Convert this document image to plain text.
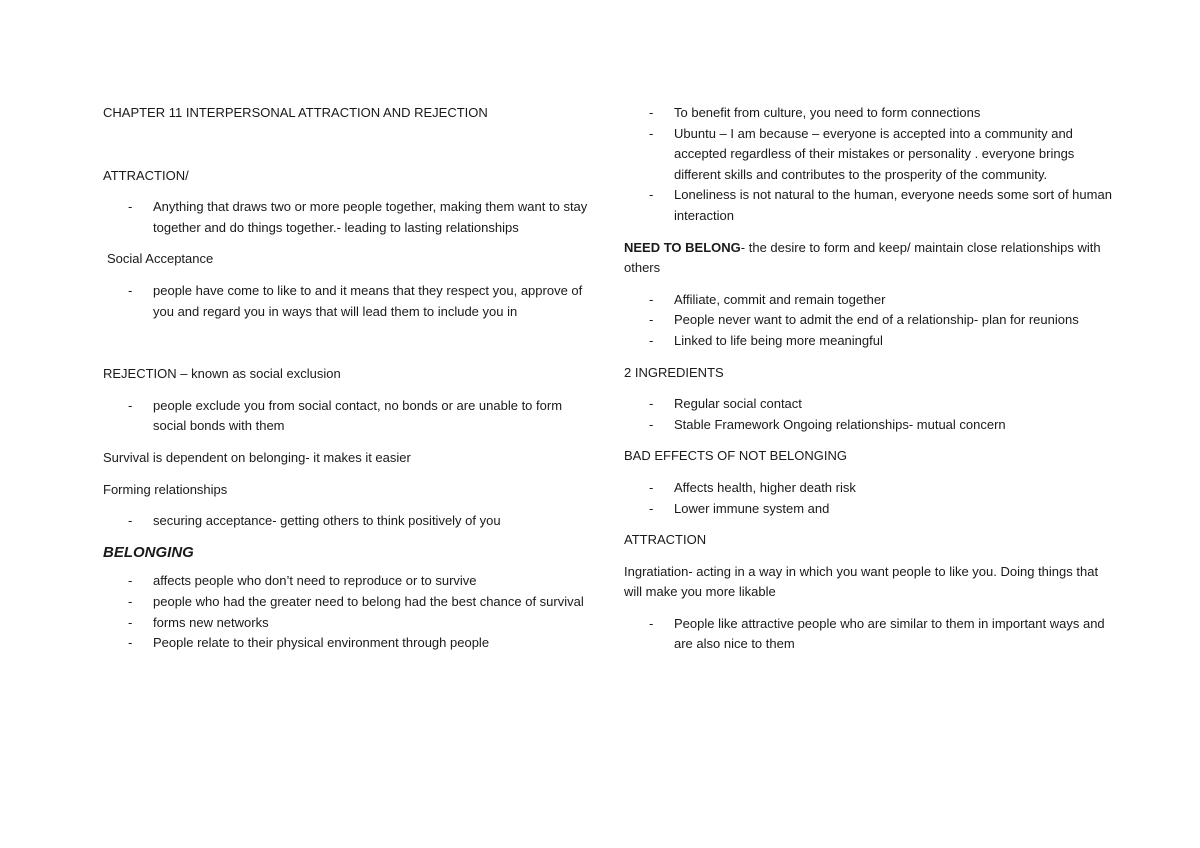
CHAPTER 11 INTERPERSONAL ATTRACTION AND REJECTION

ATTRACTION/

- Anything that draws two or more people together, making them want to stay together and do things together.- leading to lasting relationships

Social Acceptance

- people have come to like to and it means that they respect you, approve of you and regard you in ways that will lead them to include you in

REJECTION – known as social exclusion

- people exclude you from social contact, no bonds or are unable to form social bonds with them

Survival is dependent on belonging- it makes it easier

Forming relationships

- securing acceptance- getting others to think positively of you

BELONGING

- affects people who don’t need to reproduce or to survive
- people who had the greater need to belong had the best chance of survival
- forms new networks
- People relate to their physical environment through people
- To benefit from culture, you need to form connections
- Ubuntu – I am because – everyone is accepted into a community and accepted regardless of their mistakes or personality . everyone brings different skills and contributes to the prosperity of the community.
- Loneliness is not natural to the human, everyone needs some sort of human interaction

NEED TO BELONG- the desire to form and keep/ maintain close relationships with others

- Affiliate, commit and remain together
- People never want to admit the end of a relationship- plan for reunions
- Linked to life being more meaningful

2 INGREDIENTS

- Regular social contact
- Stable Framework Ongoing relationships- mutual concern

BAD EFFECTS OF NOT BELONGING

- Affects health, higher death risk
- Lower immune system and

ATTRACTION

Ingratiation- acting in a way in which you want people to like you. Doing things that will make you more likable

- People like attractive people who are similar to them in important ways and are also nice to them
